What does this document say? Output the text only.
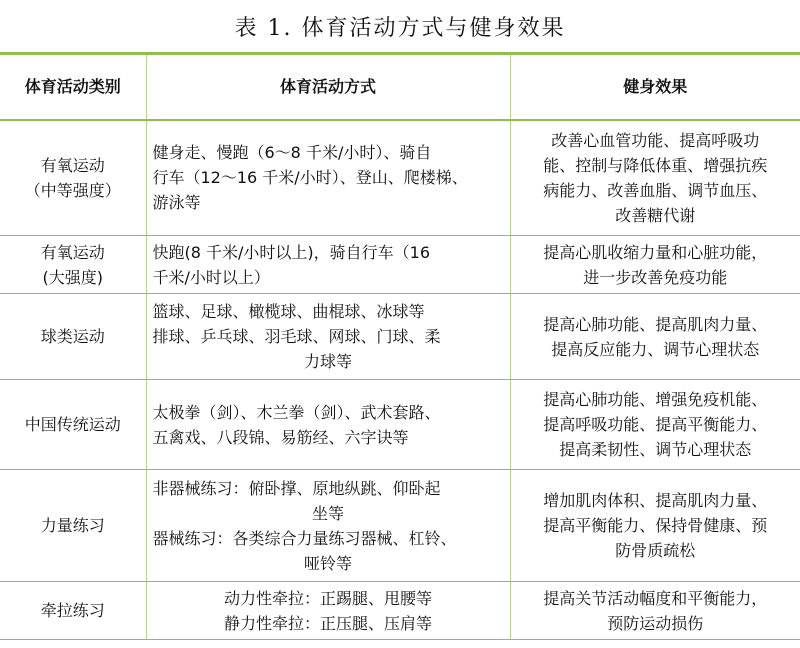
表 1. 体育活动方式与健身效果
体育活动类别	体育活动方式	健身效果

有氧运动
（中等强度）	健身走、慢跑（6～8 千米/小时）、骑自
行车（12～16 千米/小时）、登山、爬楼梯、
游泳等	改善心血管功能、提高呼吸功
能、控制与降低体重、增强抗疾
病能力、改善血脂、调节血压、
改善糖代谢

有氧运动
(大强度)	快跑(8 千米/小时以上)，骑自行车（16
千米/小时以上）	提高心肌收缩力量和心脏功能，
进一步改善免疫功能

球类运动	篮球、足球、橄榄球、曲棍球、冰球等
排球、乒乓球、羽毛球、网球、门球、柔
力球等	提高心肺功能、提高肌肉力量、
提高反应能力、调节心理状态

中国传统运动	太极拳（剑）、木兰拳（剑）、武术套路、
五禽戏、八段锦、易筋经、六字诀等	提高心肺功能、增强免疫机能、
提高呼吸功能、提高平衡能力、
提高柔韧性、调节心理状态

力量练习	非器械练习：俯卧撑、原地纵跳、仰卧起
坐等
器械练习：各类综合力量练习器械、杠铃、
哑铃等	增加肌肉体积、提高肌肉力量、
提高平衡能力、保持骨健康、预
防骨质疏松

牵拉练习	动力性牵拉：正踢腿、甩腰等
静力性牵拉：正压腿、压肩等	提高关节活动幅度和平衡能力，
预防运动损伤
